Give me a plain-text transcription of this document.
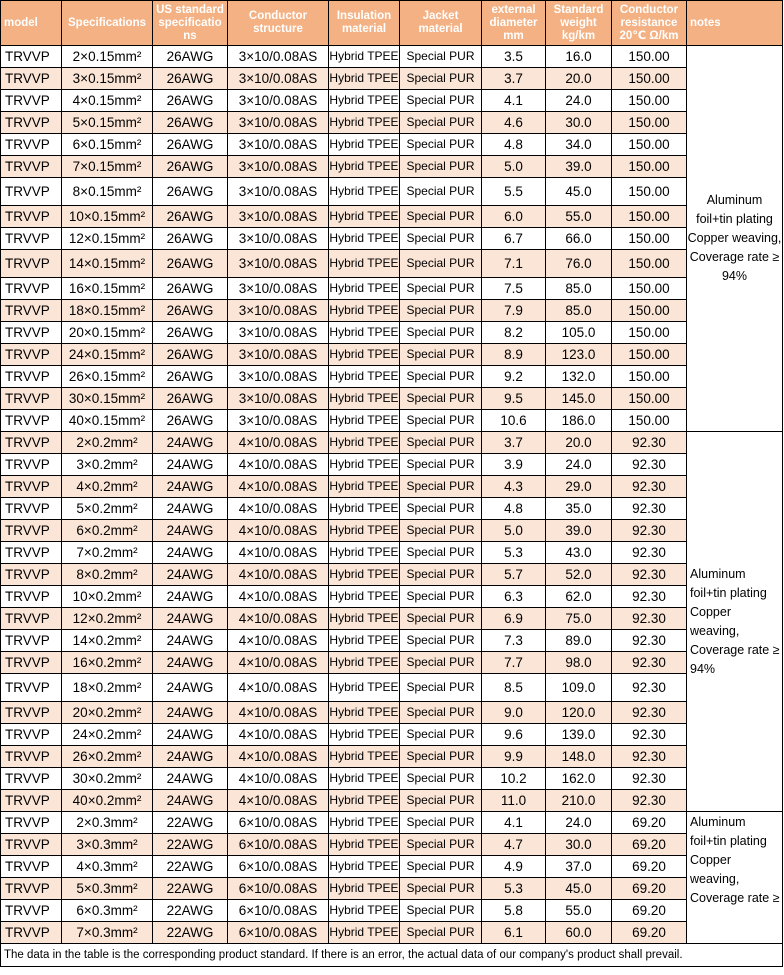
model	Specifications	US standard specificatio ns	Conductor structure	Insulation material	Jacket material	external diameter mm	Standard weight kg/km	Conductor resistance 20℃ Ω/km	notes
TRVVP	2×0.15mm²	26AWG	3×10/0.08AS	Hybrid TPEE	Special PUR	3.5	16.0	150.00	Aluminum foil+tin plating Copper weaving, Coverage rate ≥ 94%
TRVVP	3×0.15mm²	26AWG	3×10/0.08AS	Hybrid TPEE	Special PUR	3.7	20.0	150.00	
TRVVP	4×0.15mm²	26AWG	3×10/0.08AS	Hybrid TPEE	Special PUR	4.1	24.0	150.00	
TRVVP	5×0.15mm²	26AWG	3×10/0.08AS	Hybrid TPEE	Special PUR	4.6	30.0	150.00	
TRVVP	6×0.15mm²	26AWG	3×10/0.08AS	Hybrid TPEE	Special PUR	4.8	34.0	150.00	
TRVVP	7×0.15mm²	26AWG	3×10/0.08AS	Hybrid TPEE	Special PUR	5.0	39.0	150.00	
TRVVP	8×0.15mm²	26AWG	3×10/0.08AS	Hybrid TPEE	Special PUR	5.5	45.0	150.00	
TRVVP	10×0.15mm²	26AWG	3×10/0.08AS	Hybrid TPEE	Special PUR	6.0	55.0	150.00	
TRVVP	12×0.15mm²	26AWG	3×10/0.08AS	Hybrid TPEE	Special PUR	6.7	66.0	150.00	
TRVVP	14×0.15mm²	26AWG	3×10/0.08AS	Hybrid TPEE	Special PUR	7.1	76.0	150.00	
TRVVP	16×0.15mm²	26AWG	3×10/0.08AS	Hybrid TPEE	Special PUR	7.5	85.0	150.00	
TRVVP	18×0.15mm²	26AWG	3×10/0.08AS	Hybrid TPEE	Special PUR	7.9	85.0	150.00	
TRVVP	20×0.15mm²	26AWG	3×10/0.08AS	Hybrid TPEE	Special PUR	8.2	105.0	150.00	
TRVVP	24×0.15mm²	26AWG	3×10/0.08AS	Hybrid TPEE	Special PUR	8.9	123.0	150.00	
TRVVP	26×0.15mm²	26AWG	3×10/0.08AS	Hybrid TPEE	Special PUR	9.2	132.0	150.00	
TRVVP	30×0.15mm²	26AWG	3×10/0.08AS	Hybrid TPEE	Special PUR	9.5	145.0	150.00	
TRVVP	40×0.15mm²	26AWG	3×10/0.08AS	Hybrid TPEE	Special PUR	10.6	186.0	150.00	
TRVVP	2×0.2mm²	24AWG	4×10/0.08AS	Hybrid TPEE	Special PUR	3.7	20.0	92.30	Aluminum foil+tin plating Copper weaving, Coverage rate ≥ 94%
TRVVP	3×0.2mm²	24AWG	4×10/0.08AS	Hybrid TPEE	Special PUR	3.9	24.0	92.30	
TRVVP	4×0.2mm²	24AWG	4×10/0.08AS	Hybrid TPEE	Special PUR	4.3	29.0	92.30	
TRVVP	5×0.2mm²	24AWG	4×10/0.08AS	Hybrid TPEE	Special PUR	4.8	35.0	92.30	
TRVVP	6×0.2mm²	24AWG	4×10/0.08AS	Hybrid TPEE	Special PUR	5.0	39.0	92.30	
TRVVP	7×0.2mm²	24AWG	4×10/0.08AS	Hybrid TPEE	Special PUR	5.3	43.0	92.30	
TRVVP	8×0.2mm²	24AWG	4×10/0.08AS	Hybrid TPEE	Special PUR	5.7	52.0	92.30	
TRVVP	10×0.2mm²	24AWG	4×10/0.08AS	Hybrid TPEE	Special PUR	6.3	62.0	92.30	
TRVVP	12×0.2mm²	24AWG	4×10/0.08AS	Hybrid TPEE	Special PUR	6.9	75.0	92.30	
TRVVP	14×0.2mm²	24AWG	4×10/0.08AS	Hybrid TPEE	Special PUR	7.3	89.0	92.30	
TRVVP	16×0.2mm²	24AWG	4×10/0.08AS	Hybrid TPEE	Special PUR	7.7	98.0	92.30	
TRVVP	18×0.2mm²	24AWG	4×10/0.08AS	Hybrid TPEE	Special PUR	8.5	109.0	92.30	
TRVVP	20×0.2mm²	24AWG	4×10/0.08AS	Hybrid TPEE	Special PUR	9.0	120.0	92.30	
TRVVP	24×0.2mm²	24AWG	4×10/0.08AS	Hybrid TPEE	Special PUR	9.6	139.0	92.30	
TRVVP	26×0.2mm²	24AWG	4×10/0.08AS	Hybrid TPEE	Special PUR	9.9	148.0	92.30	
TRVVP	30×0.2mm²	24AWG	4×10/0.08AS	Hybrid TPEE	Special PUR	10.2	162.0	92.30	
TRVVP	40×0.2mm²	24AWG	4×10/0.08AS	Hybrid TPEE	Special PUR	11.0	210.0	92.30	
TRVVP	2×0.3mm²	22AWG	6×10/0.08AS	Hybrid TPEE	Special PUR	4.1	24.0	69.20	Aluminum foil+tin plating Copper weaving, Coverage rate ≥
TRVVP	3×0.3mm²	22AWG	6×10/0.08AS	Hybrid TPEE	Special PUR	4.7	30.0	69.20	
TRVVP	4×0.3mm²	22AWG	6×10/0.08AS	Hybrid TPEE	Special PUR	4.9	37.0	69.20	
TRVVP	5×0.3mm²	22AWG	6×10/0.08AS	Hybrid TPEE	Special PUR	5.3	45.0	69.20	
TRVVP	6×0.3mm²	22AWG	6×10/0.08AS	Hybrid TPEE	Special PUR	5.8	55.0	69.20	
TRVVP	7×0.3mm²	22AWG	6×10/0.08AS	Hybrid TPEE	Special PUR	6.1	60.0	69.20	
The data in the table is the corresponding product standard. If there is an error, the actual data of our company's product shall prevail.									
